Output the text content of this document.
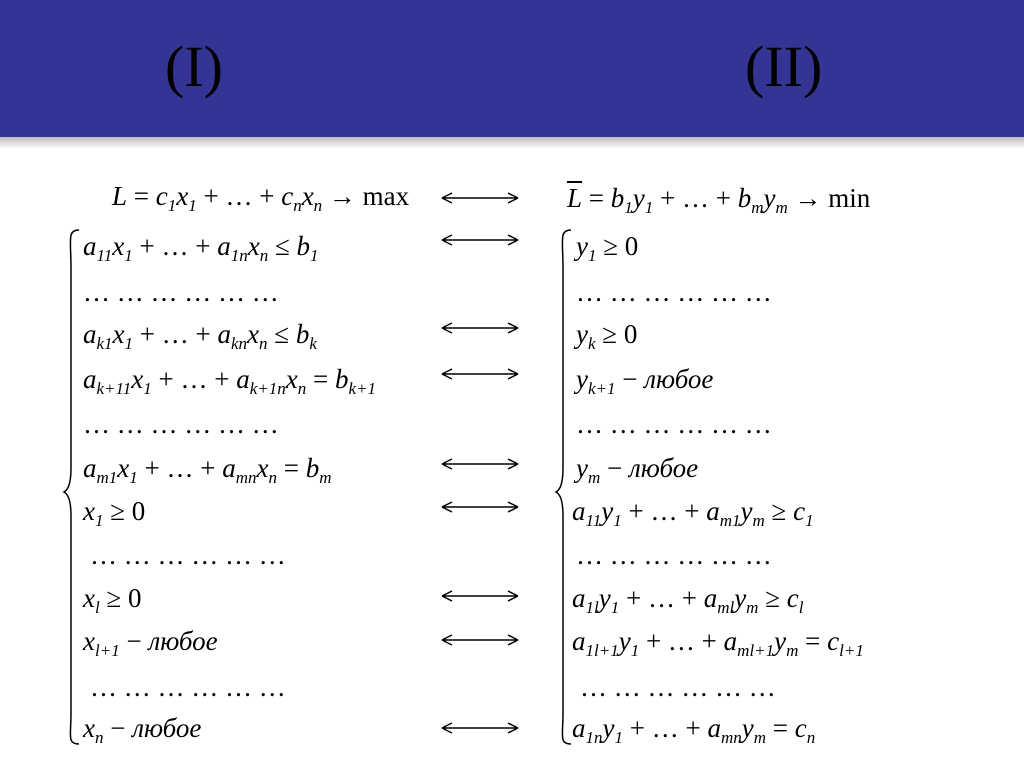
(I)	(II)
$L = c_1x_1$ + … + $c_nx_n \to \max$
$a_{11}x_1$ + … + $a_{1n}x_n \le b_1$
… … … … … …
$a_{k1}x_1$ + … + $a_{kn}x_n \le b_k$
$a_{k+11}x_1$ + … + $a_{k+1n}x_n = b_{k+1}$
… … … … … …
$a_{m1}x_1$ + … + $a_{mn}x_n = b_m$
$x_1 \ge 0$
… … … … … …
$x_l \ge 0$
$x_{l+1}$ − любое
… … … … … …
$x_n$ − любое
$\overline{L} = b_1y_1$ + … + $b_my_m \to \min$
$y_1 \ge 0$
… … … … … …
$y_k \ge 0$
$y_{k+1}$ − любое
… … … … … …
$y_m$ − любое
$a_{11}y_1$ + … + $a_{m1}y_m \ge c_1$
… … … … … …
$a_{1l}y_1$ + … + $a_{ml}y_m \ge c_l$
$a_{1l+1}y_1$ + … + $a_{ml+1}y_m = c_{l+1}$
… … … … … …
$a_{1n}y_1$ + … + $a_{mn}y_m = c_n$
